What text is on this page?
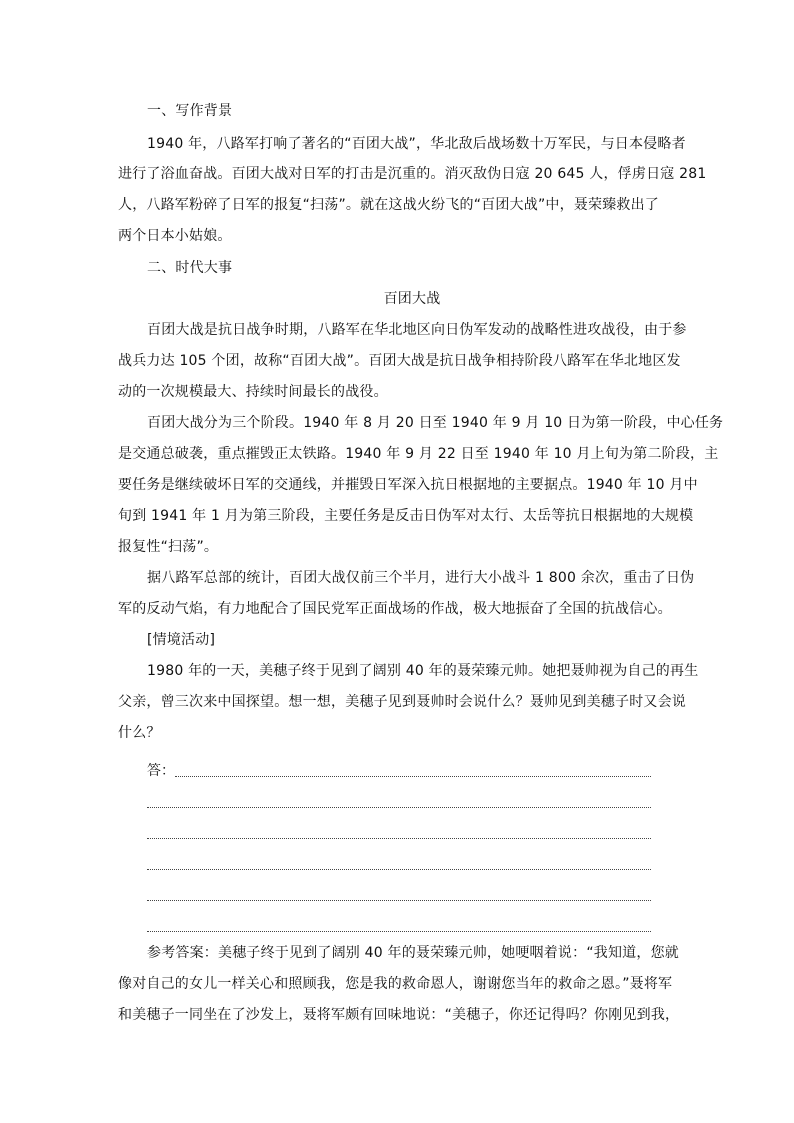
一、写作背景
1940 年，八路军打响了著名的“百团大战”，华北敌后战场数十万军民，与日本侵略者
进行了浴血奋战。百团大战对日军的打击是沉重的。消灭敌伪日寇 20 645 人，俘虏日寇 281
人，八路军粉碎了日军的报复“扫荡”。就在这战火纷飞的“百团大战”中，聂荣臻救出了
两个日本小姑娘。
二、时代大事
百团大战
百团大战是抗日战争时期，八路军在华北地区向日伪军发动的战略性进攻战役，由于参
战兵力达 105 个团，故称“百团大战”。百团大战是抗日战争相持阶段八路军在华北地区发
动的一次规模最大、持续时间最长的战役。
百团大战分为三个阶段。1940 年 8 月 20 日至 1940 年 9 月 10 日为第一阶段，中心任务
是交通总破袭，重点摧毁正太铁路。1940 年 9 月 22 日至 1940 年 10 月上旬为第二阶段，主
要任务是继续破坏日军的交通线，并摧毁日军深入抗日根据地的主要据点。1940 年 10 月中
旬到 1941 年 1 月为第三阶段，主要任务是反击日伪军对太行、太岳等抗日根据地的大规模
报复性“扫荡”。
据八路军总部的统计，百团大战仅前三个半月，进行大小战斗 1 800 余次，重击了日伪
军的反动气焰，有力地配合了国民党军正面战场的作战，极大地振奋了全国的抗战信心。
[情境活动]
1980 年的一天，美穗子终于见到了阔别 40 年的聂荣臻元帅。她把聂帅视为自己的再生
父亲，曾三次来中国探望。想一想，美穗子见到聂帅时会说什么？聂帅见到美穗子时又会说
什么？
答：
参考答案：美穗子终于见到了阔别 40 年的聂荣臻元帅，她哽咽着说：“我知道，您就
像对自己的女儿一样关心和照顾我，您是我的救命恩人，谢谢您当年的救命之恩。”聂将军
和美穗子一同坐在了沙发上，聂将军颇有回味地说：“美穗子，你还记得吗？你刚见到我，
